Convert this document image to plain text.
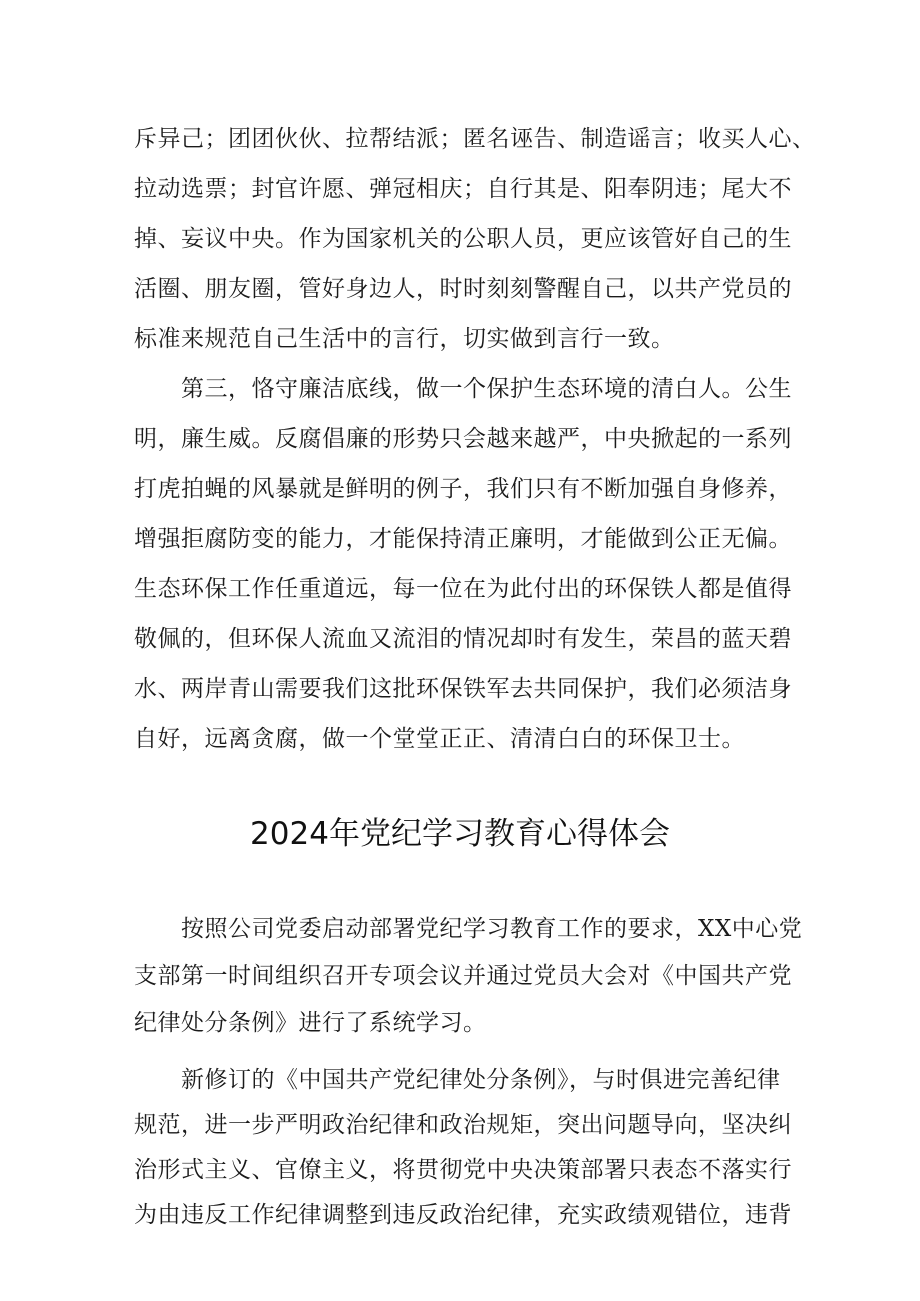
斥异己；团团伙伙、拉帮结派；匿名诬告、制造谣言；收买人心、

拉动选票；封官许愿、弹冠相庆；自行其是、阳奉阴违；尾大不

掉、妄议中央。作为国家机关的公职人员，更应该管好自己的生

活圈、朋友圈，管好身边人，时时刻刻警醒自己，以共产党员的

标准来规范自己生活中的言行，切实做到言行一致。

　　第三，恪守廉洁底线，做一个保护生态环境的清白人。公生

明，廉生威。反腐倡廉的形势只会越来越严，中央掀起的一系列

打虎拍蝇的风暴就是鲜明的例子，我们只有不断加强自身修养，

增强拒腐防变的能力，才能保持清正廉明，才能做到公正无偏。

生态环保工作任重道远，每一位在为此付出的环保铁人都是值得

敬佩的，但环保人流血又流泪的情况却时有发生，荣昌的蓝天碧

水、两岸青山需要我们这批环保铁军去共同保护，我们必须洁身

自好，远离贪腐，做一个堂堂正正、清清白白的环保卫士。

2024年党纪学习教育心得体会

　　按照公司党委启动部署党纪学习教育工作的要求，XX中心党

支部第一时间组织召开专项会议并通过党员大会对《中国共产党

纪律处分条例》进行了系统学习。

　　新修订的《中国共产党纪律处分条例》，与时俱进完善纪律

规范，进一步严明政治纪律和政治规矩，突出问题导向，坚决纠

治形式主义、官僚主义，将贯彻党中央决策部署只表态不落实行

为由违反工作纪律调整到违反政治纪律，充实政绩观错位，违背
